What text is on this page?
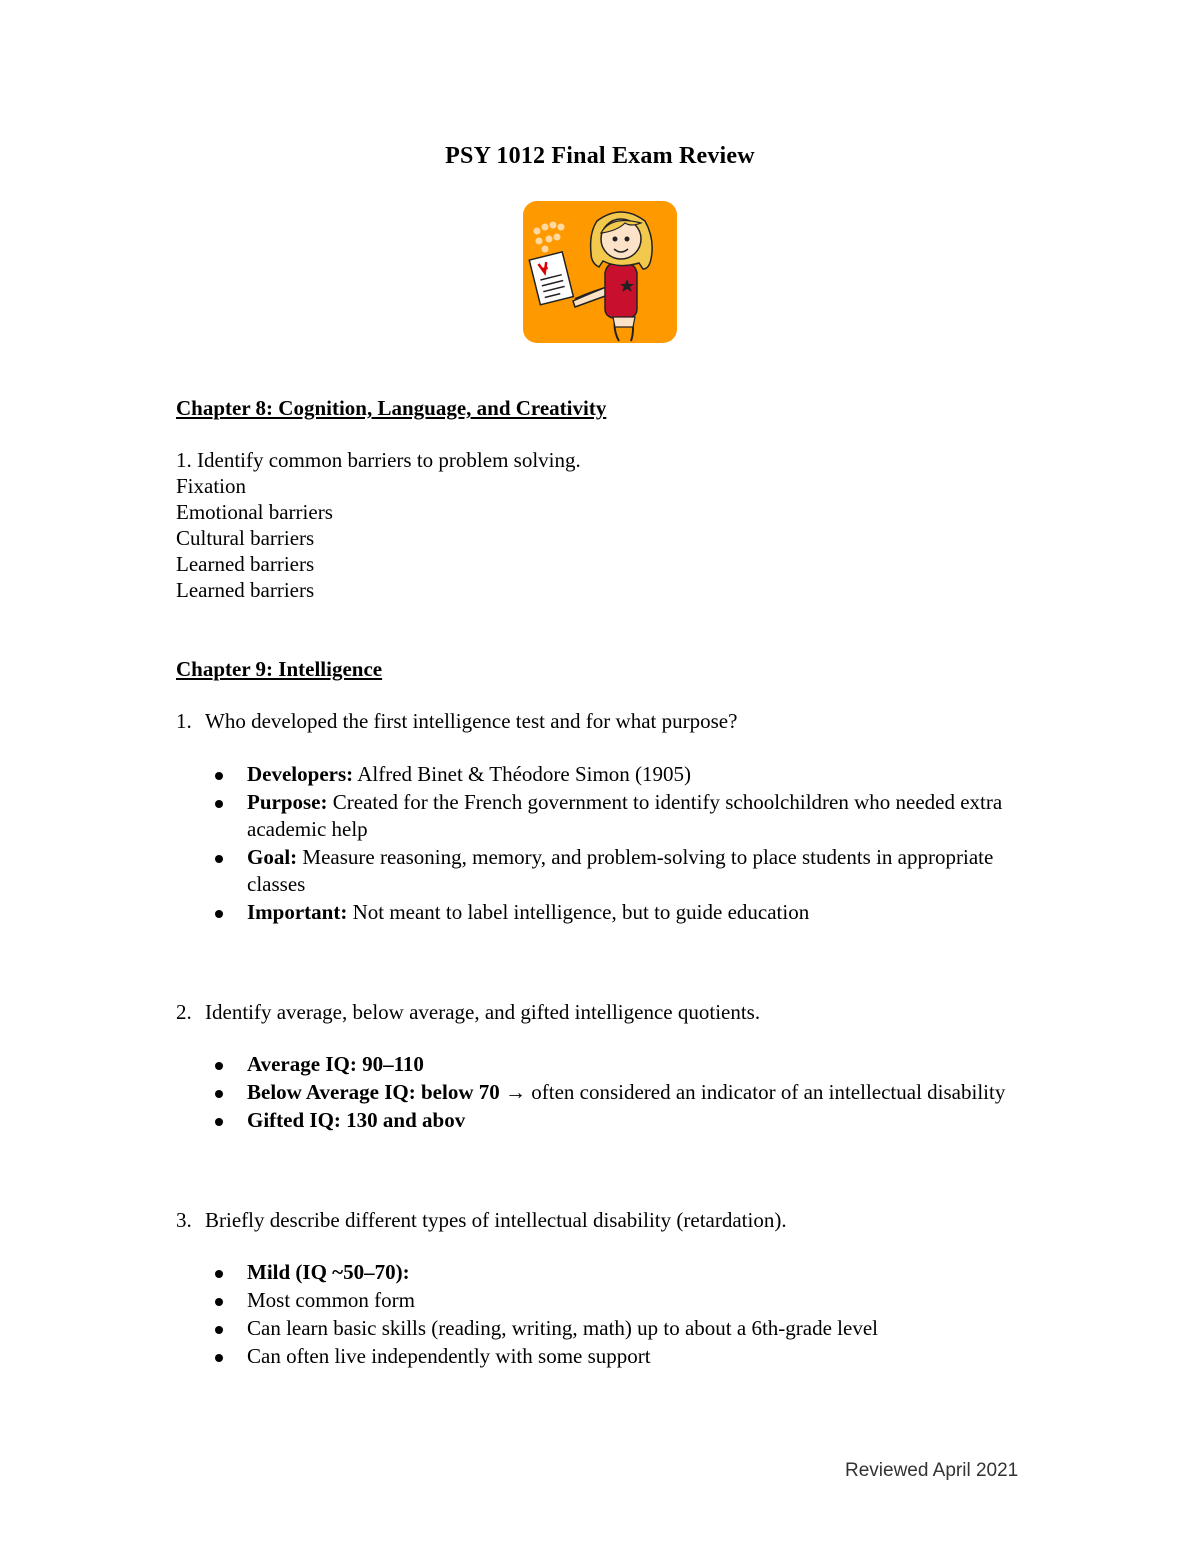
PSY 1012 Final Exam Review

Chapter 8: Cognition, Language, and Creativity

1. Identify common barriers to problem solving.

Fixation

Emotional barriers

Cultural barriers

Learned barriers

Learned barriers

Chapter 9: Intelligence

1. Who developed the first intelligence test and for what purpose?

Developers: Alfred Binet & Théodore Simon (1905)
Purpose: Created for the French government to identify schoolchildren who needed extra academic help
Goal: Measure reasoning, memory, and problem-solving to place students in appropriate classes
Important: Not meant to label intelligence, but to guide education

2. Identify average, below average, and gifted intelligence quotients.

Average IQ: 90–110
Below Average IQ: below 70 → often considered an indicator of an intellectual disability
Gifted IQ: 130 and abov

3. Briefly describe different types of intellectual disability (retardation).

Mild (IQ ~50–70):
Most common form
Can learn basic skills (reading, writing, math) up to about a 6th-grade level
Can often live independently with some support
Reviewed April 2021
